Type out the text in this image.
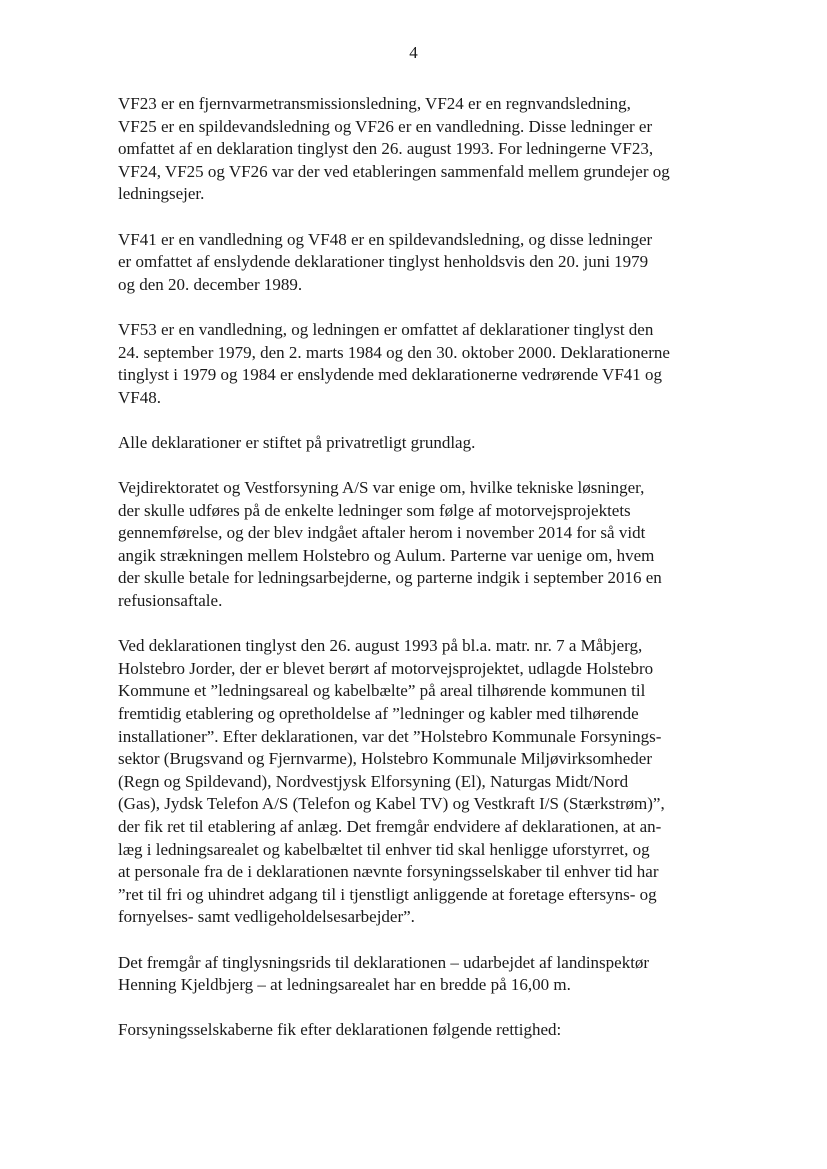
4
VF23 er en fjernvarmetransmissionsledning, VF24 er en regnvandsledning,
VF25 er en spildevandsledning og VF26 er en vandledning. Disse ledninger er
omfattet af en deklaration tinglyst den 26. august 1993. For ledningerne VF23,
VF24, VF25 og VF26 var der ved etableringen sammenfald mellem grundejer og
ledningsejer.
VF41 er en vandledning og VF48 er en spildevandsledning, og disse ledninger
er omfattet af enslydende deklarationer tinglyst henholdsvis den 20. juni 1979
og den 20. december 1989.
VF53 er en vandledning, og ledningen er omfattet af deklarationer tinglyst den
24. september 1979, den 2. marts 1984 og den 30. oktober 2000. Deklarationerne
tinglyst i 1979 og 1984 er enslydende med deklarationerne vedrørende VF41 og
VF48.
Alle deklarationer er stiftet på privatretligt grundlag.
Vejdirektoratet og Vestforsyning A/S var enige om, hvilke tekniske løsninger,
der skulle udføres på de enkelte ledninger som følge af motorvejsprojektets
gennemførelse, og der blev indgået aftaler herom i november 2014 for så vidt
angik strækningen mellem Holstebro og Aulum. Parterne var uenige om, hvem
der skulle betale for ledningsarbejderne, og parterne indgik i september 2016 en
refusionsaftale.
Ved deklarationen tinglyst den 26. august 1993 på bl.a. matr. nr. 7 a Måbjerg,
Holstebro Jorder, der er blevet berørt af motorvejsprojektet, udlagde Holstebro
Kommune et ”ledningsareal og kabelbælte” på areal tilhørende kommunen til
fremtidig etablering og opretholdelse af ”ledninger og kabler med tilhørende
installationer”. Efter deklarationen, var det ”Holstebro Kommunale Forsynings-
sektor (Brugsvand og Fjernvarme), Holstebro Kommunale Miljøvirksomheder
(Regn og Spildevand), Nordvestjysk Elforsyning (El), Naturgas Midt/Nord
(Gas), Jydsk Telefon A/S (Telefon og Kabel TV) og Vestkraft I/S (Stærkstrøm)”,
der fik ret til etablering af anlæg. Det fremgår endvidere af deklarationen, at an-
læg i ledningsarealet og kabelbæltet til enhver tid skal henligge uforstyrret, og
at personale fra de i deklarationen nævnte forsyningsselskaber til enhver tid har
”ret til fri og uhindret adgang til i tjenstligt anliggende at foretage eftersyns- og
fornyelses- samt vedligeholdelsesarbejder”.
Det fremgår af tinglysningsrids til deklarationen – udarbejdet af landinspektør
Henning Kjeldbjerg – at ledningsarealet har en bredde på 16,00 m.
Forsyningsselskaberne fik efter deklarationen følgende rettighed:
